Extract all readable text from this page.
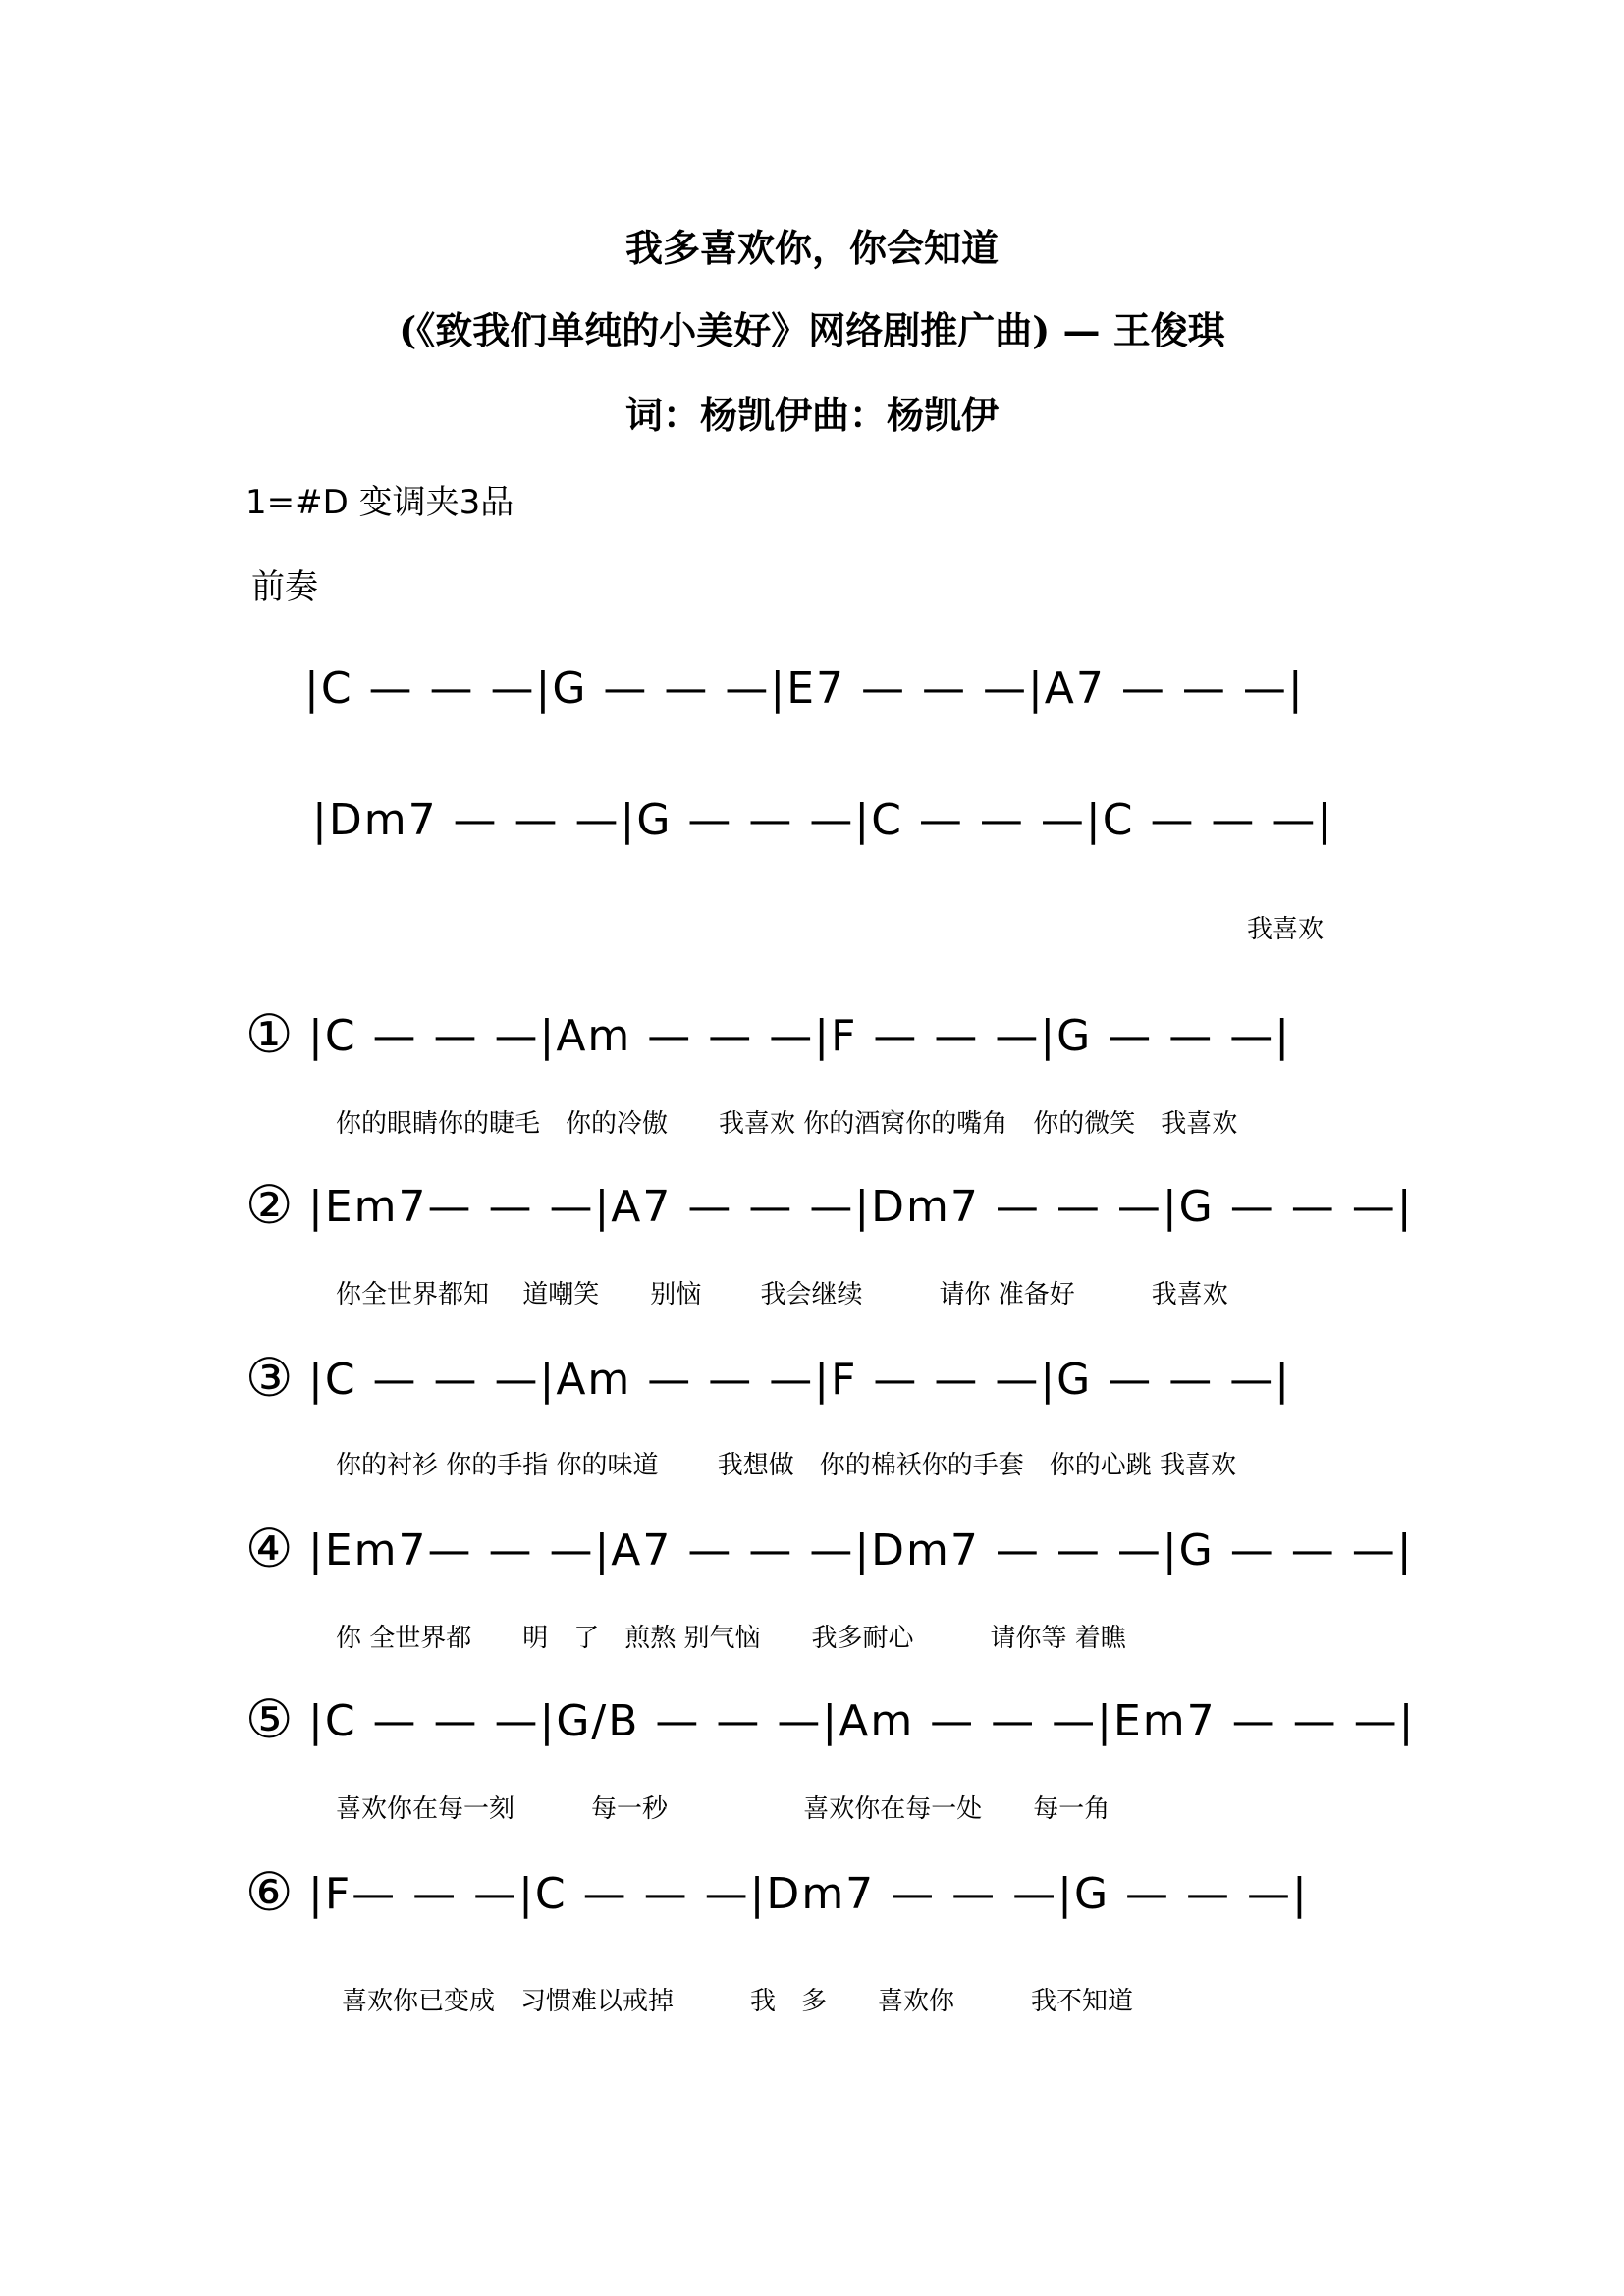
我多喜欢你，你会知道
(《致我们单纯的小美好》网络剧推广曲) — 王俊琪
词：杨凯伊曲：杨凯伊
1=#D 变调夹3品
前奏
|C — — —|G — — —|E7 — — —|A7 — — —|
|Dm7 — — —|G — — —|C — — —|C — — —|
我喜欢
① |C — — —|Am — — —|F — — —|G — — —|
你的眼睛你的睫毛　你的冷傲　　我喜欢 你的酒窝你的嘴角　你的微笑　我喜欢
② |Em7— — —|A7 — — —|Dm7 — — —|G — — —|
你全世界都知　 道嘲笑　　别恼　　 我会继续　　　请你 准备好　　　我喜欢
③ |C — — —|Am — — —|F — — —|G — — —|
你的衬衫 你的手指 你的味道　　 我想做　你的棉袄你的手套　你的心跳 我喜欢
④ |Em7— — —|A7 — — —|Dm7 — — —|G — — —|
你 全世界都　　明　了　煎熬 别气恼　　我多耐心　　　请你等 着瞧
⑤ |C — — —|G/B — — —|Am — — —|Em7 — — —|
喜欢你在每一刻　　　每一秒　　　　　 喜欢你在每一处　　每一角
⑥ |F— — —|C — — —|Dm7 — — —|G — — —|
喜欢你已变成　习惯难以戒掉　　　我　多　　喜欢你　　　我不知道
